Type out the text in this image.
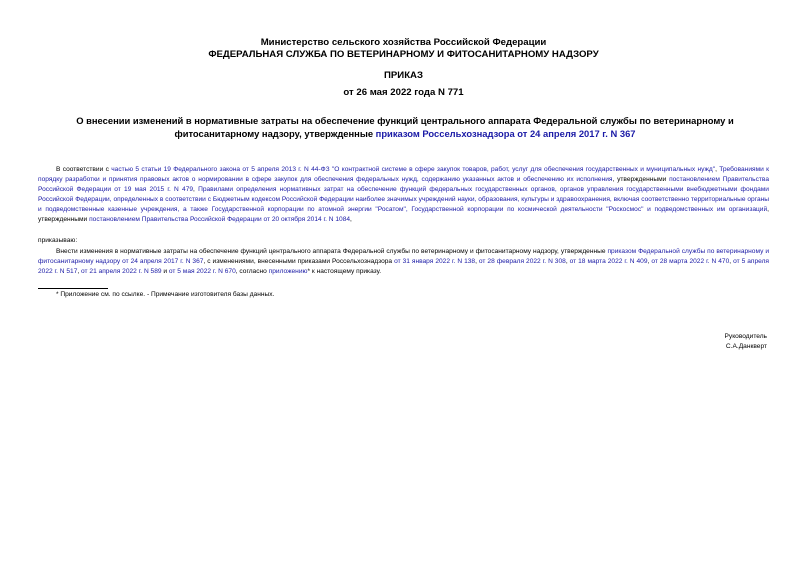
Министерство сельского хозяйства Российской Федерации
ФЕДЕРАЛЬНАЯ СЛУЖБА ПО ВЕТЕРИНАРНОМУ И ФИТОСАНИТАРНОМУ НАДЗОРУ
ПРИКАЗ
от 26 мая 2022 года N 771
О внесении изменений в нормативные затраты на обеспечение функций центрального аппарата Федеральной службы по ветеринарному и фитосанитарному надзору, утвержденные приказом Россельхознадзора от 24 апреля 2017 г. N 367
В соответствии с частью 5 статьи 19 Федерального закона от 5 апреля 2013 г. N 44-ФЗ "О контрактной системе в сфере закупок товаров, работ, услуг для обеспечения государственных и муниципальных нужд", Требованиями к порядку разработки и принятия правовых актов о нормировании в сфере закупок для обеспечения федеральных нужд, содержанию указанных актов и обеспечению их исполнения, утвержденными постановлением Правительства Российской Федерации от 19 мая 2015 г. N 479, Правилами определения нормативных затрат на обеспечение функций федеральных государственных органов, органов управления государственными внебюджетными фондами Российской Федерации, определенных в соответствии с Бюджетным кодексом Российской Федерации наиболее значимых учреждений науки, образования, культуры и здравоохранения, включая соответственно территориальные органы и подведомственные казенные учреждения, а также Государственной корпорации по атомной энергии "Росатом", Государственной корпорации по космической деятельности "Роскосмос" и подведомственных им организаций, утвержденными постановлением Правительства Российской Федерации от 20 октября 2014 г. N 1084,
приказываю:
Внести изменения в нормативные затраты на обеспечение функций центрального аппарата Федеральной службы по ветеринарному и фитосанитарному надзору, утвержденные приказом Федеральной службы по ветеринарному и фитосанитарному надзору от 24 апреля 2017 г. N 367, с изменениями, внесенными приказами Россельхознадзора от 31 января 2022 г. N 138, от 28 февраля 2022 г. N 308, от 18 марта 2022 г. N 409, от 28 марта 2022 г. N 470, от 5 апреля 2022 г. N 517, от 21 апреля 2022 г. N 589 и от 5 мая 2022 г. N 670, согласно приложению* к настоящему приказу.
* Приложение см. по ссылке. - Примечание изготовителя базы данных.
Руководитель
С.А.Данкверт
